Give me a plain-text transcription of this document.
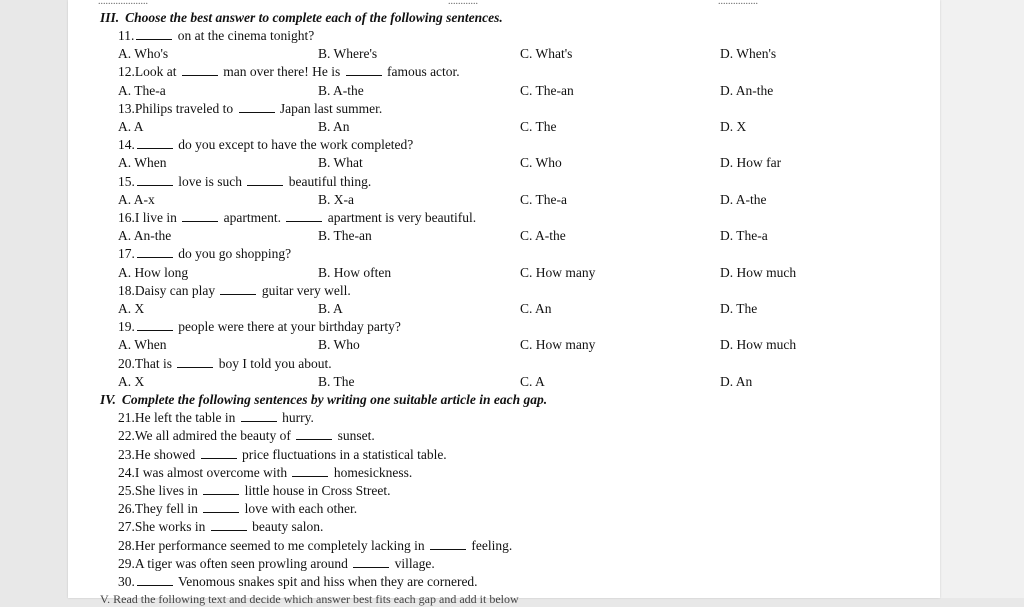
....................	............	................
III. Choose the best answer to complete each of the following sentences.
11.	on at the cinema tonight?
A. Who's	B. Where's	C. What's	D. When's
12.Look at	man over there! He is	famous actor.
A. The-a	B. A-the	C. The-an	D. An-the
13.Philips traveled to	Japan last summer.
A. A	B. An	C. The	D. X
14.	do you except to have the work completed?
A. When	B. What	C. Who	D. How far
15.	love is such	beautiful thing.
A. A-x	B. X-a	C. The-a	D. A-the
16.I live in	apartment.	apartment is very beautiful.
A. An-the	B. The-an	C. A-the	D. The-a
17.	do you go shopping?
A. How long	B. How often	C. How many	D. How much
18.Daisy can play	guitar very well.
A. X	B. A	C. An	D. The
19.	people were there at your birthday party?
A. When	B. Who	C. How many	D. How much
20.That is	boy I told you about.
A. X	B. The	C. A	D. An
IV. Complete the following sentences by writing one suitable article in each gap.
21.He left the table in	hurry.
22.We all admired the beauty of	sunset.
23.He showed	price fluctuations in a statistical table.
24.I was almost overcome with	homesickness.
25.She lives in	little house in Cross Street.
26.They fell in	love with each other.
27.She works in	beauty salon.
28.Her performance seemed to me completely lacking in	feeling.
29.A tiger was often seen prowling around	village.
30.	Venomous snakes spit and hiss when they are cornered.
V. Read the following text and decide which answer best fits each gap and add it below
